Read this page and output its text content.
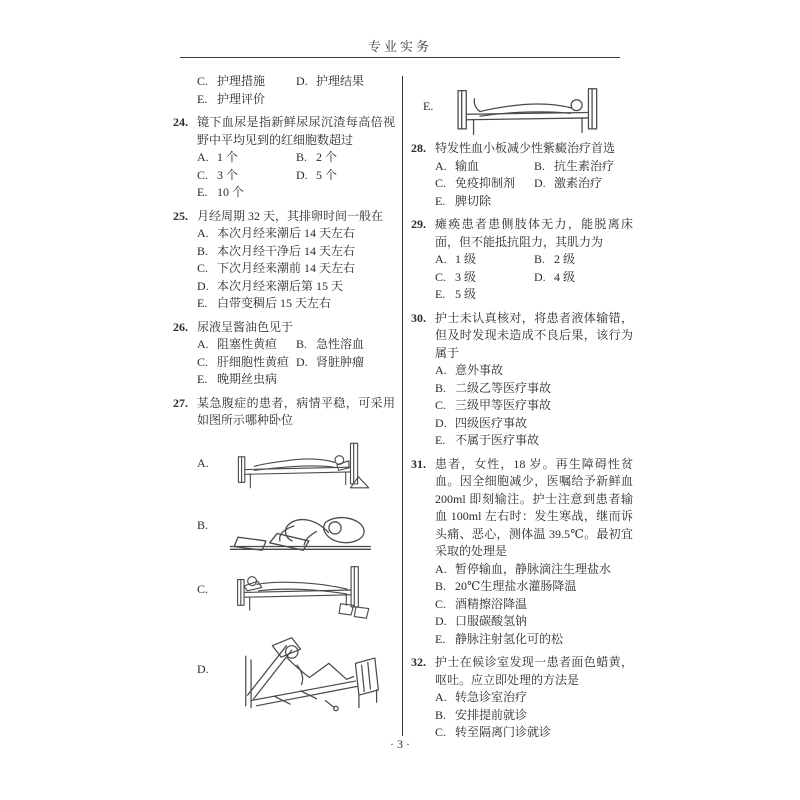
专业实务
C. 护理措施	D. 护理结果
E. 护理评价
24. 镜下血尿是指新鲜尿尿沉渣每高倍视野中平均见到的红细胞数超过
A. 1 个	B. 2 个
C. 3 个	D. 5 个
E. 10 个
25. 月经周期 32 天，其排卵时间一般在
A. 本次月经来潮后 14 天左右
B. 本次月经干净后 14 天左右
C. 下次月经来潮前 14 天左右
D. 本次月经来潮后第 15 天
E. 白带变稠后 15 天左右
26. 尿液呈酱油色见于
A. 阻塞性黄疸	B. 急性溶血
C. 肝细胞性黄疸 D. 肾脏肿瘤
E. 晚期丝虫病
27. 某急腹症的患者，病情平稳，可采用如图所示哪种卧位
A.
B.
C.
D.
E.
28. 特发性血小板减少性紫癜治疗首选
A. 输血	B. 抗生素治疗
C. 免疫抑制剂	D. 激素治疗
E. 脾切除
29. 瘫痪患者患侧肢体无力，能脱离床面，但不能抵抗阻力，其肌力为
A. 1 级	B. 2 级
C. 3 级	D. 4 级
E. 5 级
30. 护士未认真核对，将患者液体输错，但及时发现未造成不良后果，该行为属于
A. 意外事故
B. 二级乙等医疗事故
C. 三级甲等医疗事故
D. 四级医疗事故
E. 不属于医疗事故
31. 患者，女性，18 岁。再生障碍性贫血。因全细胞减少，医嘱给予新鲜血 200ml 即刻输注。护士注意到患者输血 100ml 左右时：发生寒战，继而诉头痛、恶心，测体温 39.5℃。最初宜采取的处理是
A. 暂停输血，静脉滴注生理盐水
B. 20℃生理盐水灌肠降温
C. 酒精擦浴降温
D. 口服碳酸氢钠
E. 静脉注射氢化可的松
32. 护士在候诊室发现一患者面色蜡黄，呕吐。应立即处理的方法是
A. 转急诊室治疗
B. 安排提前就诊
C. 转至隔离门诊就诊
· 3 ·
